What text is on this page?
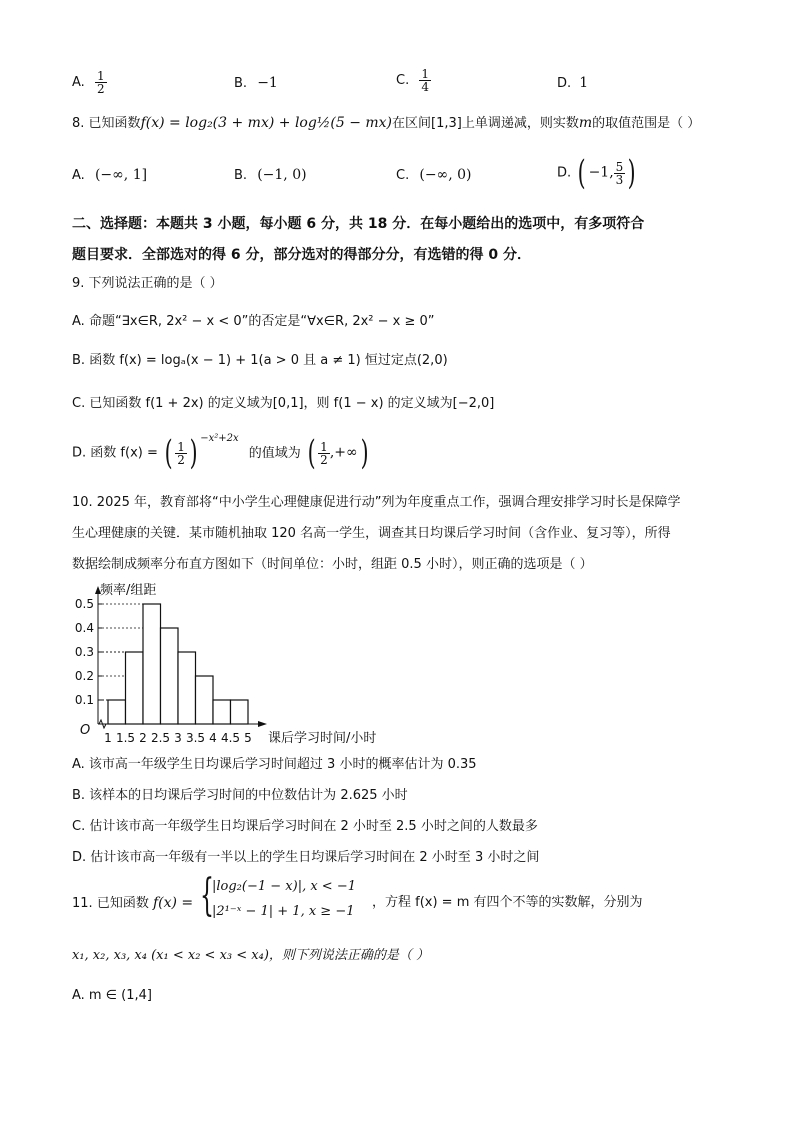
A. $\frac{1}{2}$	B. −1	C. $\frac{1}{4}$	D. 1
8. 已知函数f(x) = log₂(3 + mx) + log½(5 − mx)在区间[1,3]上单调递减，则实数m的取值范围是（ ）
A. (−∞, 1]	B. (−1, 0)	C. (−∞, 0)	D. ( −1, $\frac{5}{3}$ )
二、选择题：本题共 3 小题，每小题 6 分，共 18 分．在每小题给出的选项中，有多项符合
题目要求．全部选对的得 6 分，部分选对的得部分分，有选错的得 0 分．
9. 下列说法正确的是（ ）
A. 命题“∃x∈R, 2x² − x < 0”的否定是“∀x∈R, 2x² − x ≥ 0”
B. 函数 f(x) = logₐ(x − 1) + 1(a > 0 且 a ≠ 1) 恒过定点(2,0)
C. 已知函数 f(1 + 2x) 的定义域为[0,1]，则 f(1 − x) 的定义域为[−2,0]
D. 函数 f(x) = ( $\frac{1}{2}$ ) $^{-x^2+2x}$ 的值域为 ( $\frac{1}{2}$ ,+∞)
10. 2025 年，教育部将“中小学生心理健康促进行动”列为年度重点工作，强调合理安排学习时长是保障学
生心理健康的关键．某市随机抽取 120 名高一学生，调查其日均课后学习时间（含作业、复习等），所得
数据绘制成频率分布直方图如下（时间单位：小时，组距 0.5 小时），则正确的选项是（ ）
0.1
0.2
0.3
0.4
0.5
1 1.5 2 2.5 3 3.5 4 4.5 5
O
频率/组距
课后学习时间/小时
A. 该市高一年级学生日均课后学习时间超过 3 小时的概率估计为 0.35
B. 该样本的日均课后学习时间的中位数估计为 2.625 小时
C. 估计该市高一年级学生日均课后学习时间在 2 小时至 2.5 小时之间的人数最多
D. 估计该市高一年级有一半以上的学生日均课后学习时间在 2 小时至 3 小时之间
11. 已知函数 f(x) = {
|log₂(−1 − x)|, x < −1
|2¹⁻ˣ − 1| + 1, x ≥ −1
，方程 f(x) = m 有四个不等的实数解，分别为
x₁, x₂, x₃, x₄ (x₁ < x₂ < x₃ < x₄)，则下列说法正确的是（ ）
A. m ∈ (1,4]
